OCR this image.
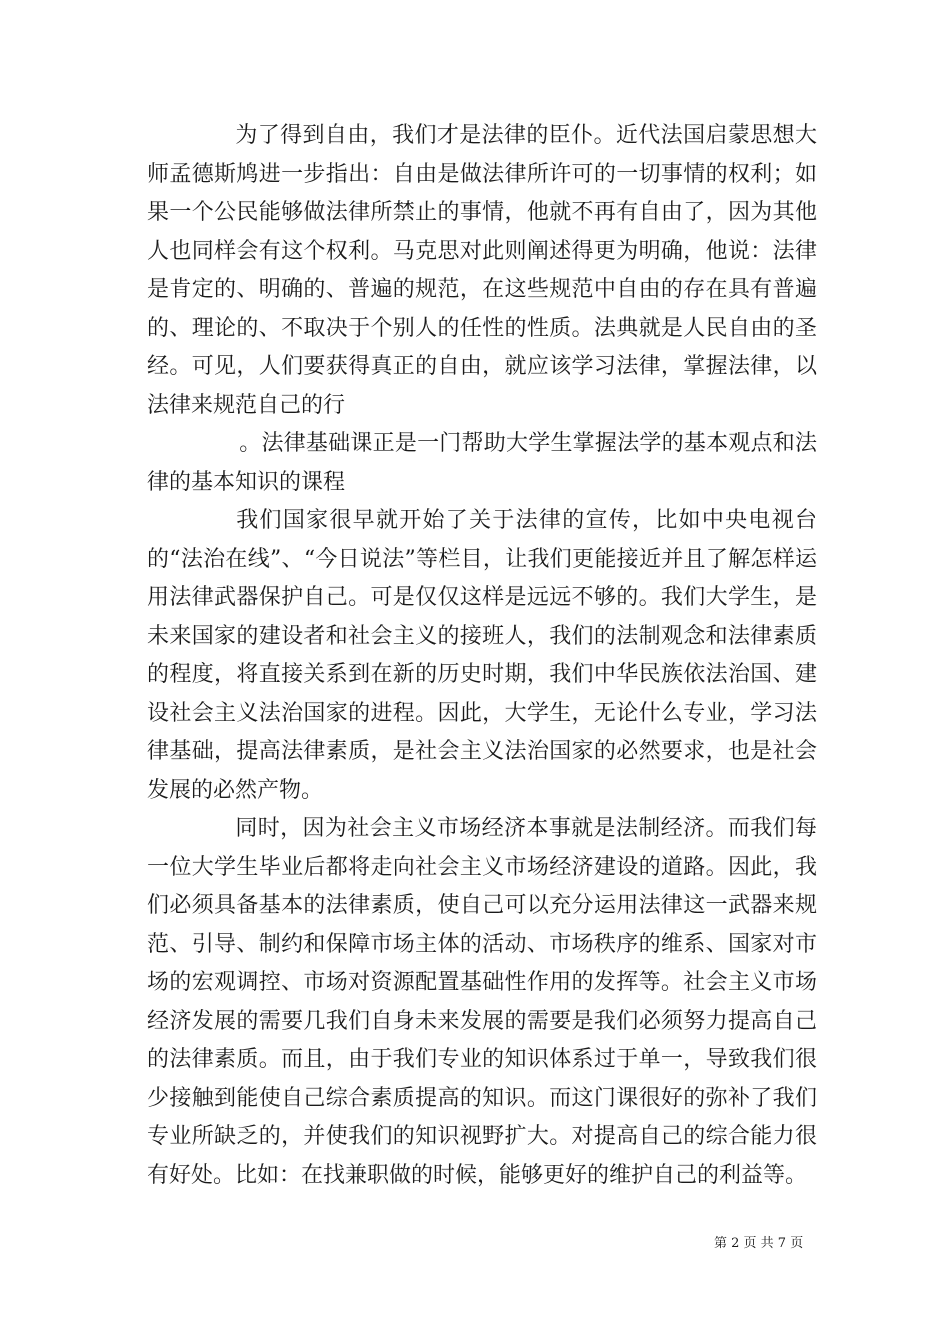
为了得到自由，我们才是法律的臣仆。近代法国启蒙思想大师孟德斯鸠进一步指出：自由是做法律所许可的一切事情的权利；如果一个公民能够做法律所禁止的事情，他就不再有自由了，因为其他人也同样会有这个权利。马克思对此则阐述得更为明确，他说：法律是肯定的、明确的、普遍的规范，在这些规范中自由的存在具有普遍的、理论的、不取决于个别人的任性的性质。法典就是人民自由的圣经。可见，人们要获得真正的自由，就应该学习法律，掌握法律，以法律来规范自己的行

。法律基础课正是一门帮助大学生掌握法学的基本观点和法律的基本知识的课程

我们国家很早就开始了关于法律的宣传，比如中央电视台的“法治在线”、“今日说法”等栏目，让我们更能接近并且了解怎样运用法律武器保护自己。可是仅仅这样是远远不够的。我们大学生，是未来国家的建设者和社会主义的接班人，我们的法制观念和法律素质的程度，将直接关系到在新的历史时期，我们中华民族依法治国、建设社会主义法治国家的进程。因此，大学生，无论什么专业，学习法律基础，提高法律素质，是社会主义法治国家的必然要求，也是社会发展的必然产物。

同时，因为社会主义市场经济本事就是法制经济。而我们每一位大学生毕业后都将走向社会主义市场经济建设的道路。因此，我们必须具备基本的法律素质，使自己可以充分运用法律这一武器来规范、引导、制约和保障市场主体的活动、市场秩序的维系、国家对市场的宏观调控、市场对资源配置基础性作用的发挥等。社会主义市场经济发展的需要几我们自身未来发展的需要是我们必须努力提高自己的法律素质。而且，由于我们专业的知识体系过于单一，导致我们很少接触到能使自己综合素质提高的知识。而这门课很好的弥补了我们专业所缺乏的，并使我们的知识视野扩大。对提高自己的综合能力很有好处。比如：在找兼职做的时候，能够更好的维护自己的利益等。

第 2 页 共 7 页
